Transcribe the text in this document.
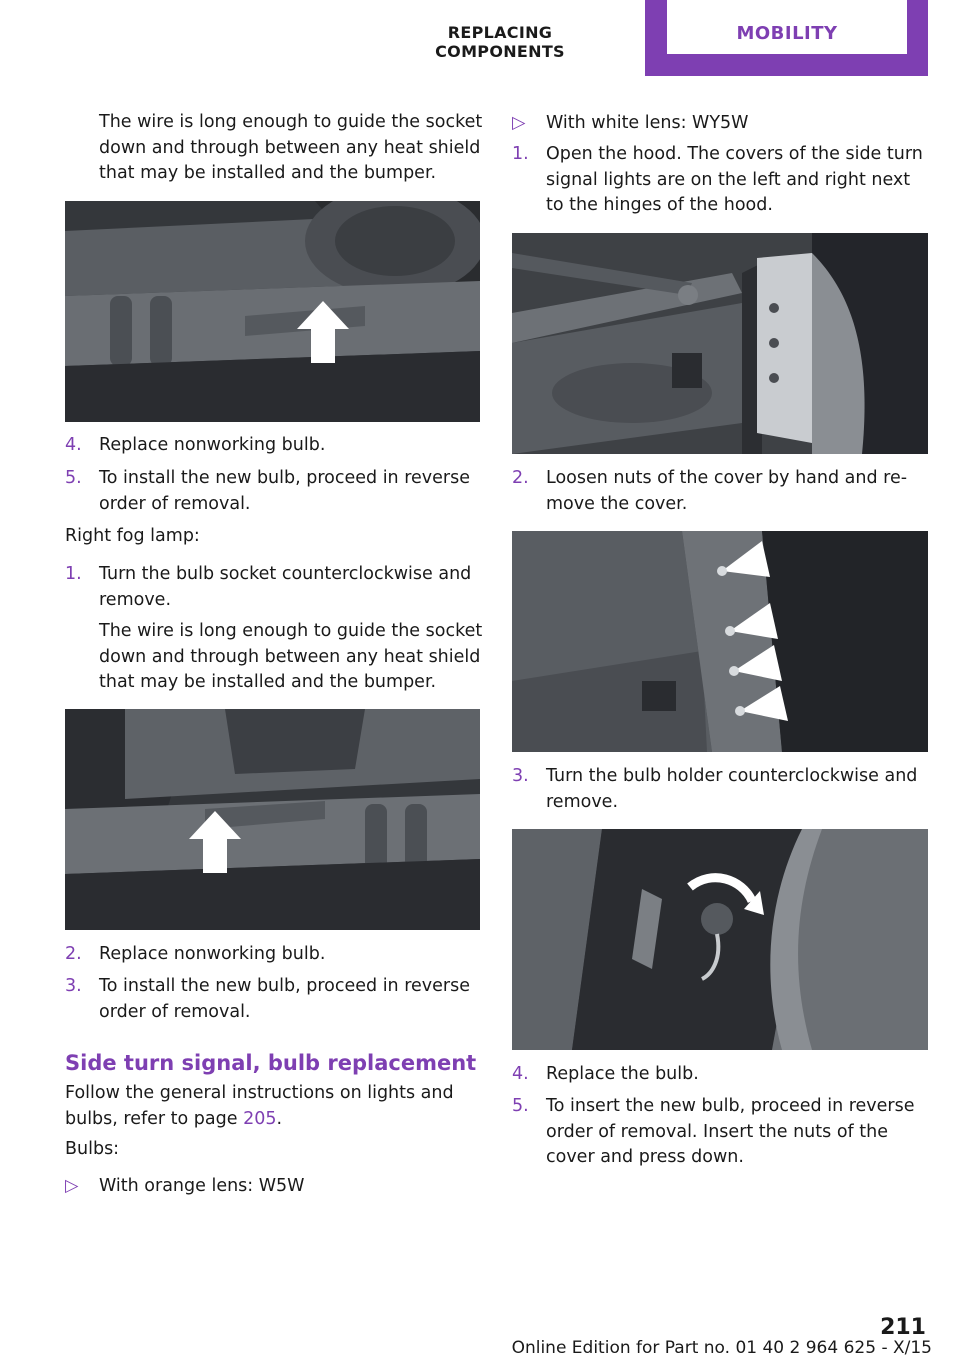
REPLACING COMPONENTS
MOBILITY

The wire is long enough to guide the socket down and through between any heat shield that may be installed and the bumper.

4. Replace nonworking bulb.
5. To install the new bulb, proceed in reverse order of removal.

Right fog lamp:

1. Turn the bulb socket counterclockwise and remove.

The wire is long enough to guide the socket down and through between any heat shield that may be installed and the bumper.

2. Replace nonworking bulb.
3. To install the new bulb, proceed in reverse order of removal.
Side turn signal, bulb replacement

Follow the general instructions on lights and bulbs, refer to page 205.

Bulbs:

▷ With orange lens: W5W
▷ With white lens: WY5W
1. Open the hood. The covers of the side turn signal lights are on the left and right next to the hinges of the hood.
2. Loosen nuts of the cover by hand and re‐ move the cover.
3. Turn the bulb holder counterclockwise and remove.
4. Replace the bulb.
5. To insert the new bulb, proceed in reverse order of removal. Insert the nuts of the cover and press down.
211
Online Edition for Part no. 01 40 2 964 625 - X/15
